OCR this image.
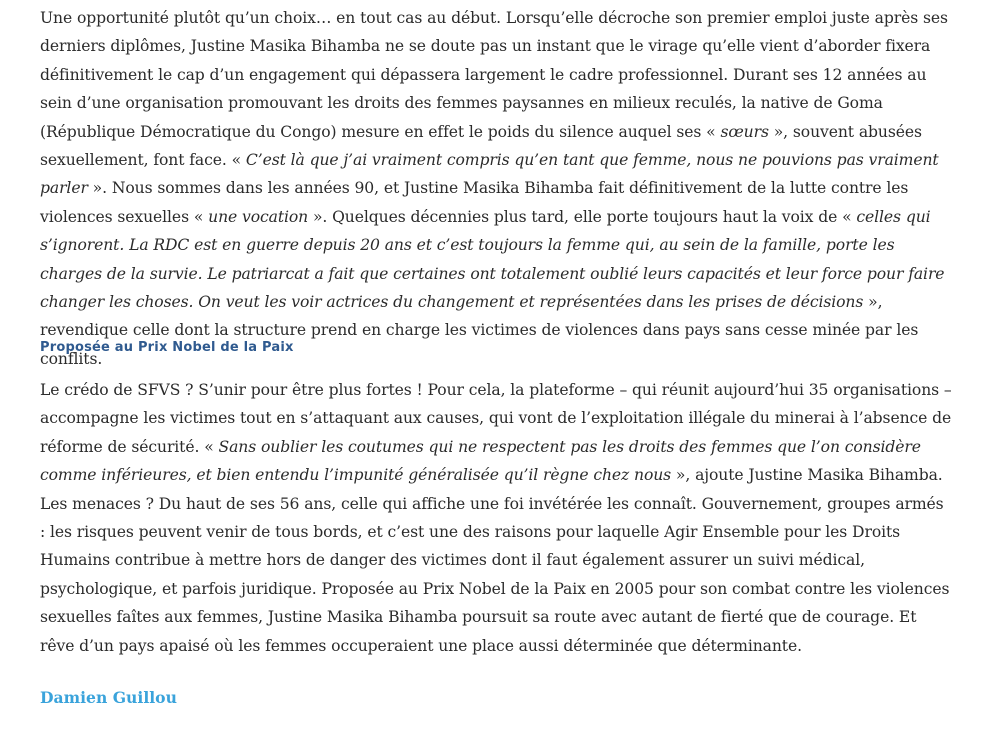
Une opportunité plutôt qu’un choix… en tout cas au début. Lorsqu’elle décroche son premier emploi juste après ses derniers diplômes, Justine Masika Bihamba ne se doute pas un instant que le virage qu’elle vient d’aborder fixera définitivement le cap d’un engagement qui dépassera largement le cadre professionnel. Durant ses 12 années au sein d’une organisation promouvant les droits des femmes paysannes en milieux reculés, la native de Goma (République Démocratique du Congo) mesure en effet le poids du silence auquel ses « sœurs », souvent abusées sexuellement, font face. « C’est là que j’ai vraiment compris qu’en tant que femme, nous ne pouvions pas vraiment parler ». Nous sommes dans les années 90, et Justine Masika Bihamba fait définitivement de la lutte contre les violences sexuelles « une vocation ». Quelques décennies plus tard, elle porte toujours haut la voix de « celles qui s’ignorent. La RDC est en guerre depuis 20 ans et c’est toujours la femme qui, au sein de la famille, porte les charges de la survie. Le patriarcat a fait que certaines ont totalement oublié leurs capacités et leur force pour faire changer les choses. On veut les voir actrices du changement et représentées dans les prises de décisions », revendique celle dont la structure prend en charge les victimes de violences dans pays sans cesse minée par les conflits.

Proposée au Prix Nobel de la Paix

Le crédo de SFVS ? S’unir pour être plus fortes ! Pour cela, la plateforme – qui réunit aujourd’hui 35 organisations – accompagne les victimes tout en s’attaquant aux causes, qui vont de l’exploitation illégale du minerai à l’absence de réforme de sécurité. « Sans oublier les coutumes qui ne respectent pas les droits des femmes que l’on considère comme inférieures, et bien entendu l’impunité généralisée qu’il règne chez nous », ajoute Justine Masika Bihamba. Les menaces ? Du haut de ses 56 ans, celle qui affiche une foi invétérée les connaît. Gouvernement, groupes armés : les risques peuvent venir de tous bords, et c’est une des raisons pour laquelle Agir Ensemble pour les Droits Humains contribue à mettre hors de danger des victimes dont il faut également assurer un suivi médical, psychologique, et parfois juridique. Proposée au Prix Nobel de la Paix en 2005 pour son combat contre les violences sexuelles faîtes aux femmes, Justine Masika Bihamba poursuit sa route avec autant de fierté que de courage. Et rêve d’un pays apaisé où les femmes occuperaient une place aussi déterminée que déterminante.

Damien Guillou
